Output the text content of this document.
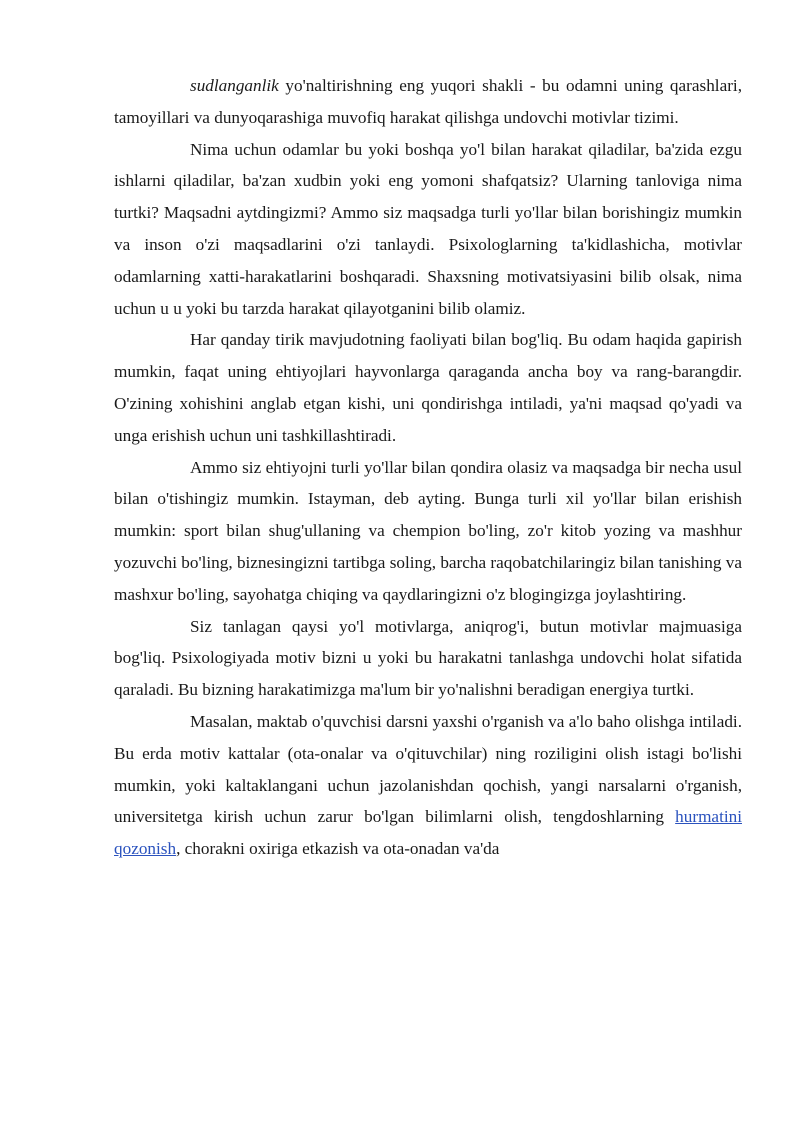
sudlanganlik yo'naltirishning eng yuqori shakli - bu odamni uning qarashlari, tamoyillari va dunyoqarashiga muvofiq harakat qilishga undovchi motivlar tizimi.

Nima uchun odamlar bu yoki boshqa yo'l bilan harakat qiladilar, ba'zida ezgu ishlarni qiladilar, ba'zan xudbin yoki eng yomoni shafqatsiz? Ularning tanloviga nima turtki? Maqsadni aytdingizmi? Ammo siz maqsadga turli yo'llar bilan borishingiz mumkin va inson o'zi maqsadlarini o'zi tanlaydi. Psixologlarning ta'kidlashicha, motivlar odamlarning xatti-harakatlarini boshqaradi. Shaxsning motivatsiyasini bilib olsak, nima uchun u u yoki bu tarzda harakat qilayotganini bilib olamiz.

Har qanday tirik mavjudotning faoliyati bilan bog'liq. Bu odam haqida gapirish mumkin, faqat uning ehtiyojlari hayvonlarga qaraganda ancha boy va rang-barangdir. O'zining xohishini anglab etgan kishi, uni qondirishga intiladi, ya'ni maqsad qo'yadi va unga erishish uchun uni tashkillashtiradi.

Ammo siz ehtiyojni turli yo'llar bilan qondira olasiz va maqsadga bir necha usul bilan o'tishingiz mumkin. Istayman, deb ayting. Bunga turli xil yo'llar bilan erishish mumkin: sport bilan shug'ullaning va chempion bo'ling, zo'r kitob yozing va mashhur yozuvchi bo'ling, biznesingizni tartibga soling, barcha raqobatchilaringiz bilan tanishing va mashxur bo'ling, sayohatga chiqing va qaydlaringizni o'z blogingizga joylashtiring.

Siz tanlagan qaysi yo'l motivlarga, aniqrog'i, butun motivlar majmuasiga bog'liq. Psixologiyada motiv bizni u yoki bu harakatni tanlashga undovchi holat sifatida qaraladi. Bu bizning harakatimizga ma'lum bir yo'nalishni beradigan energiya turtki.

Masalan, maktab o'quvchisi darsni yaxshi o'rganish va a'lo baho olishga intiladi. Bu erda motiv kattalar (ota-onalar va o'qituvchilar) ning roziligini olish istagi bo'lishi mumkin, yoki kaltaklangani uchun jazolanishdan qochish, yangi narsalarni o'rganish, universitetga kirish uchun zarur bo'lgan bilimlarni olish, tengdoshlarning hurmatini qozonish, chorakni oxiriga etkazish va ota-onadan va'da
